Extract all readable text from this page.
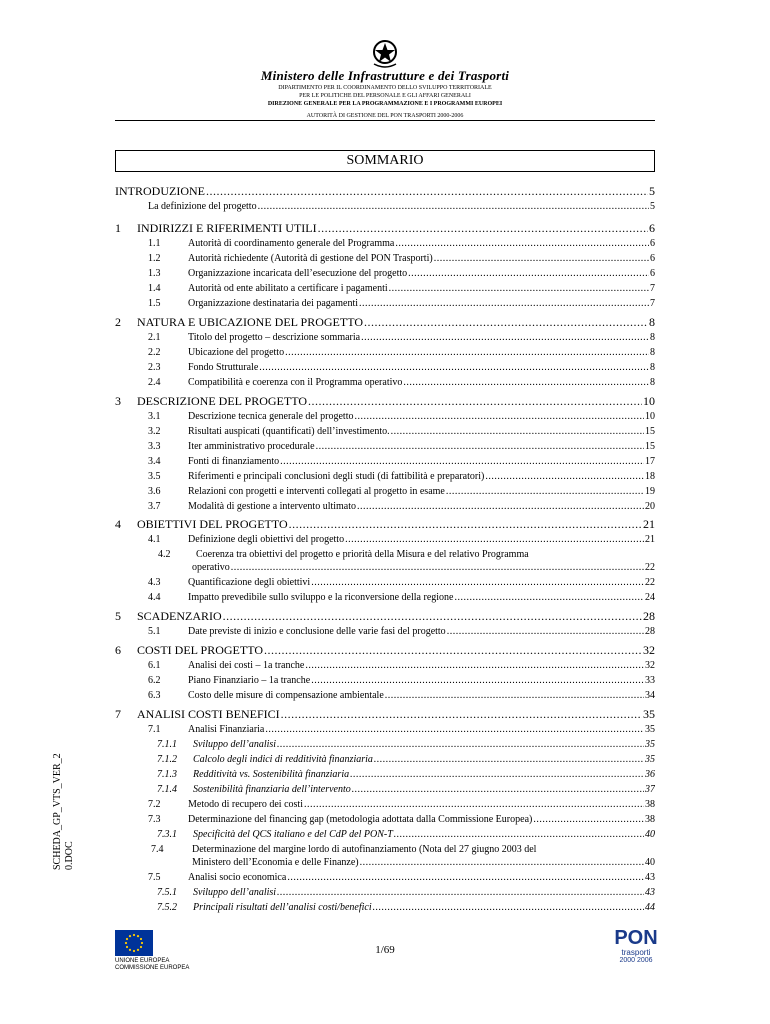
Ministero delle Infrastrutture e dei Trasporti
DIPARTIMENTO PER IL COORDINAMENTO DELLO SVILUPPO TERRITORIALE
PER LE POLITICHE DEL PERSONALE E GLI AFFARI GENERALI
DIREZIONE GENERALE PER LA PROGRAMMAZIONE E I PROGRAMMI EUROPEI
AUTORITÀ DI GESTIONE DEL PON TRASPORTI 2000-2006
SOMMARIO
INTRODUZIONE .....	5
La definizione del progetto .....	5
1	INDIRIZZI E RIFERIMENTI UTILI .....	6
1.1	Autorità di coordinamento generale del Programma .....	6
1.2	Autorità richiedente (Autorità di gestione del PON Trasporti) .....	6
1.3	Organizzazione incaricata dell’esecuzione del progetto .....	6
1.4	Autorità od ente abilitato a certificare i pagamenti .....	7
1.5	Organizzazione destinataria dei pagamenti .....	7
2	NATURA E UBICAZIONE DEL PROGETTO .....	8
2.1	Titolo del progetto – descrizione sommaria .....	8
2.2	Ubicazione del progetto .....	8
2.3	Fondo Strutturale .....	8
2.4	Compatibilità e coerenza con il Programma operativo .....	8
3	DESCRIZIONE DEL PROGETTO .....	10
3.1	Descrizione tecnica generale del progetto .....	10
3.2	Risultati auspicati (quantificati) dell’investimento. .....	15
3.3	Iter amministrativo procedurale .....	15
3.4	Fonti di finanziamento .....	17
3.5	Riferimenti e principali conclusioni degli studi (di fattibilità e preparatori) .....	18
3.6	Relazioni con progetti e interventi collegati al progetto in esame .....	19
3.7	Modalità di gestione a intervento ultimato .....	20
4	OBIETTIVI DEL PROGETTO .....	21
4.1	Definizione degli obiettivi del progetto .....	21
4.2	Coerenza tra obiettivi del progetto e priorità della Misura e del relativo Programma
operativo .....	22
4.3	Quantificazione degli obiettivi .....	22
4.4	Impatto prevedibile sullo sviluppo e la riconversione della regione .....	24
5	SCADENZARIO .....	28
5.1	Date previste di inizio e conclusione delle varie fasi del progetto .....	28
6	COSTI DEL PROGETTO .....	32
6.1	Analisi dei costi – 1a tranche .....	32
6.2	Piano Finanziario – 1a tranche .....	33
6.3	Costo delle misure di compensazione ambientale .....	34
7	ANALISI COSTI BENEFICI .....	35
7.1	Analisi Finanziaria .....	35
7.1.1	Sviluppo dell’analisi .....	35
7.1.2	Calcolo degli indici di redditività finanziaria .....	35
7.1.3	Redditività vs. Sostenibilità finanziaria .....	36
7.1.4	Sostenibilità finanziaria dell’intervento .....	37
7.2	Metodo di recupero dei costi .....	38
7.3	Determinazione del financing gap (metodologia adottata dalla Commissione Europea) .....	38
7.3.1	Specificità del QCS italiano e del CdP del PON-T .....	40
7.4	Determinazione del margine lordo di autofinanziamento (Nota del 27 giugno 2003 del
Ministero dell’Economia e delle Finanze) .....	40
7.5	Analisi socio economica .....	43
7.5.1	Sviluppo dell’analisi .....	43
7.5.2	Principali risultati dell’analisi costi/benefici .....	44
SCHEDA_GP_VTS_VER_2 0.DOC
UNIONE EUROPEA
COMMISSIONE EUROPEA
1/69
PON
trasporti
2000 2006
